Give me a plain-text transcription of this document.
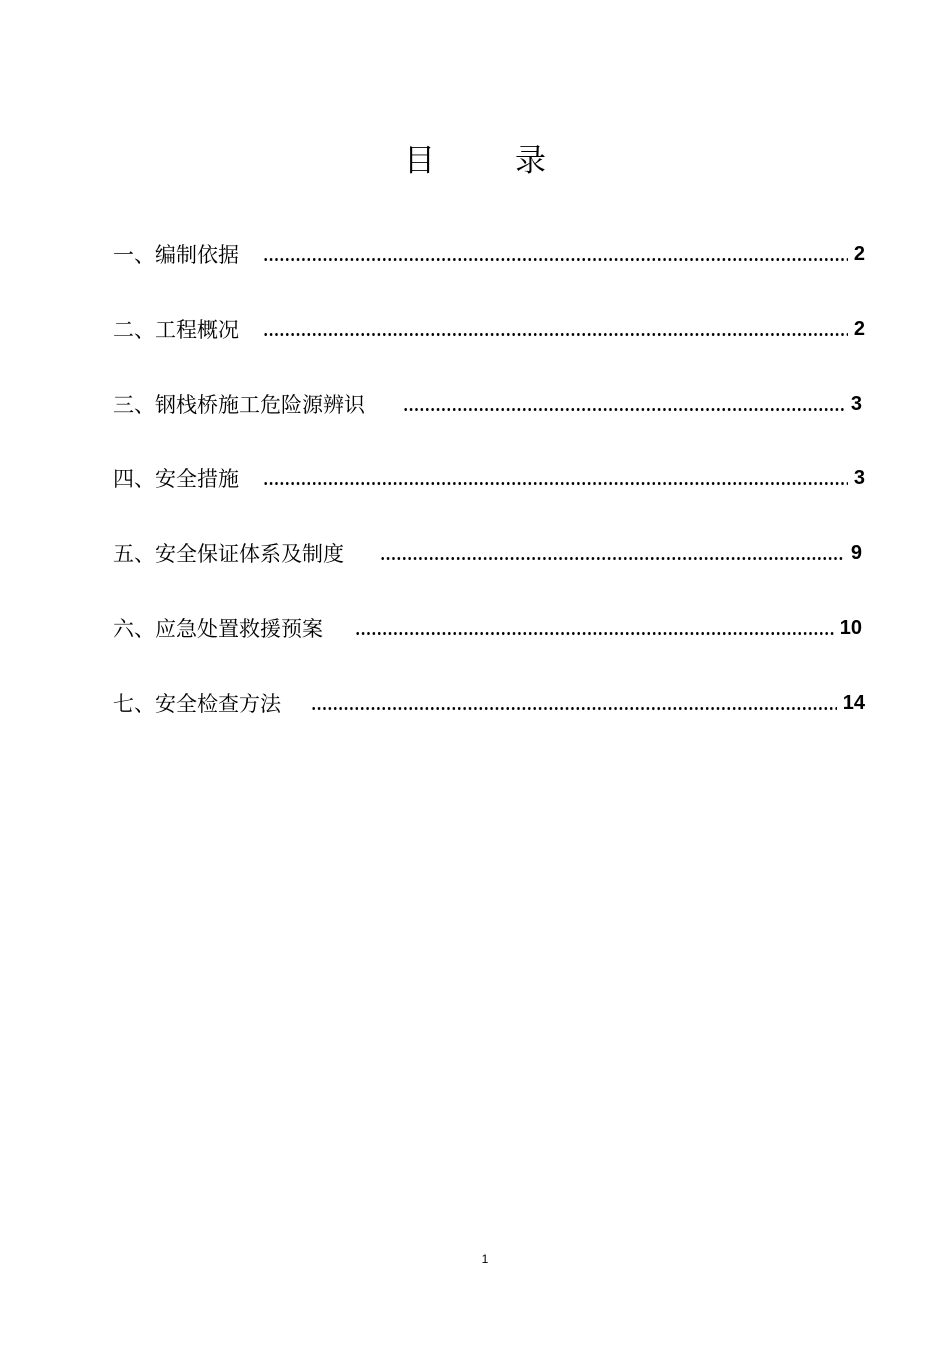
目	录
一、编制依据	2
二、工程概况	2
三、钢栈桥施工危险源辨识	3
四、安全措施	3
五、安全保证体系及制度	9
六、应急处置救援预案	10
七、安全检查方法	14
1
